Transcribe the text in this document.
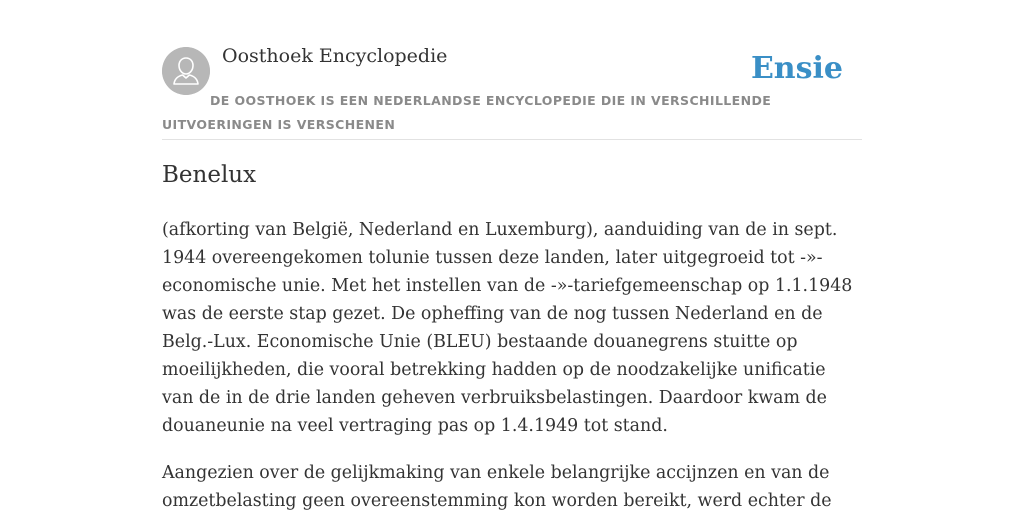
Oosthoek Encyclopedie	Ensie
DE OOSTHOEK IS EEN NEDERLANDSE ENCYCLOPEDIE DIE IN VERSCHILLENDE UITVOERINGEN IS VERSCHENEN
Benelux

(afkorting van België, Nederland en Luxemburg), aanduiding van de in sept. 1944 overeengekomen tolunie tussen deze landen, later uitgegroeid tot -»-economische unie. Met het instellen van de -»-tariefgemeenschap op 1.1.1948 was de eerste stap gezet. De opheffing van de nog tussen Nederland en de Belg.-Lux. Economische Unie (BLEU) bestaande douanegrens stuitte op moeilijkheden, die vooral betrekking hadden op de noodzakelijke unificatie van de in de drie landen geheven verbruiksbelastingen. Daardoor kwam de douaneunie na veel vertraging pas op 1.4.1949 tot stand.

Aangezien over de gelijkmaking van enkele belangrijke accijnzen en van de omzetbelasting geen overeenstemming kon worden bereikt, werd echter de
